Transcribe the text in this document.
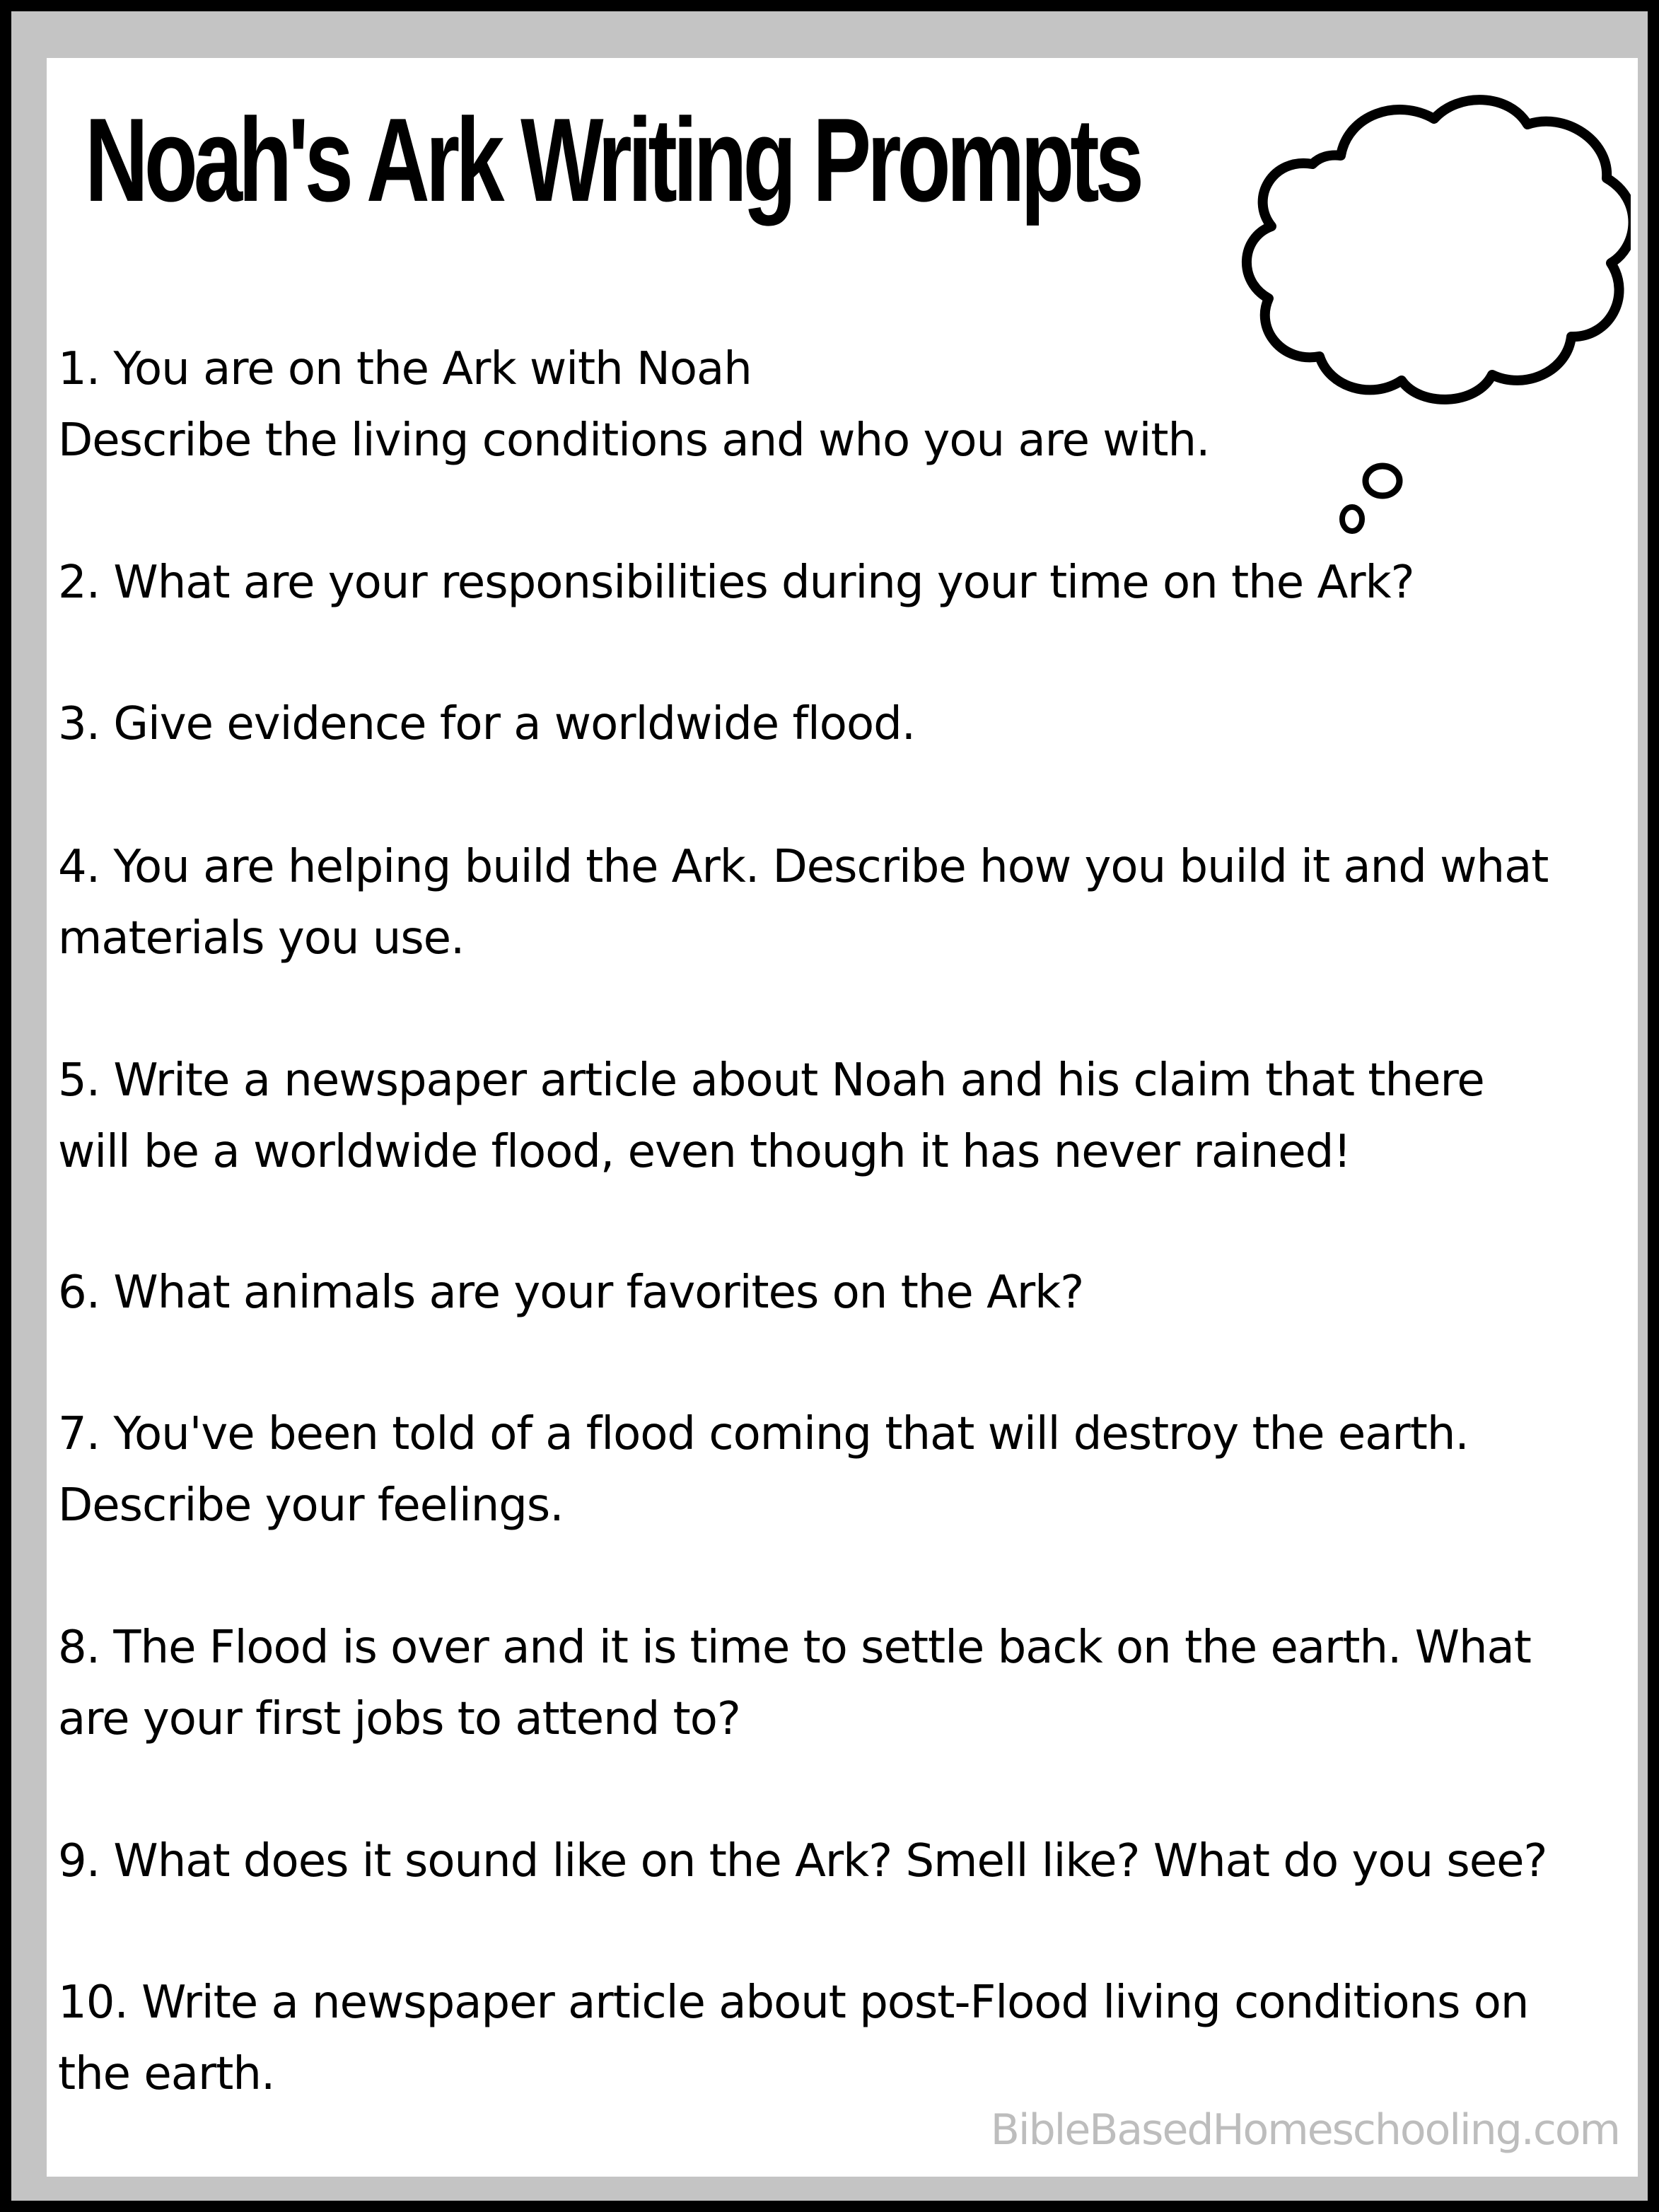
Noah's Ark Writing Prompts
1. You are on the Ark with Noah
Describe the living conditions and who you are with.
2. What are your responsibilities during your time on the Ark?
3. Give evidence for a worldwide flood.
4. You are helping build the Ark. Describe how you build it and what
materials you use.
5. Write a newspaper article about Noah and his claim that there
will be a worldwide flood, even though it has never rained!
6. What animals are your favorites on the Ark?
7. You've been told of a flood coming that will destroy the earth.
Describe your feelings.
8. The Flood is over and it is time to settle back on the earth. What
are your first jobs to attend to?
9. What does it sound like on the Ark? Smell like? What do you see?
10. Write a newspaper article about post-Flood living conditions on
the earth.
BibleBasedHomeschooling.com
